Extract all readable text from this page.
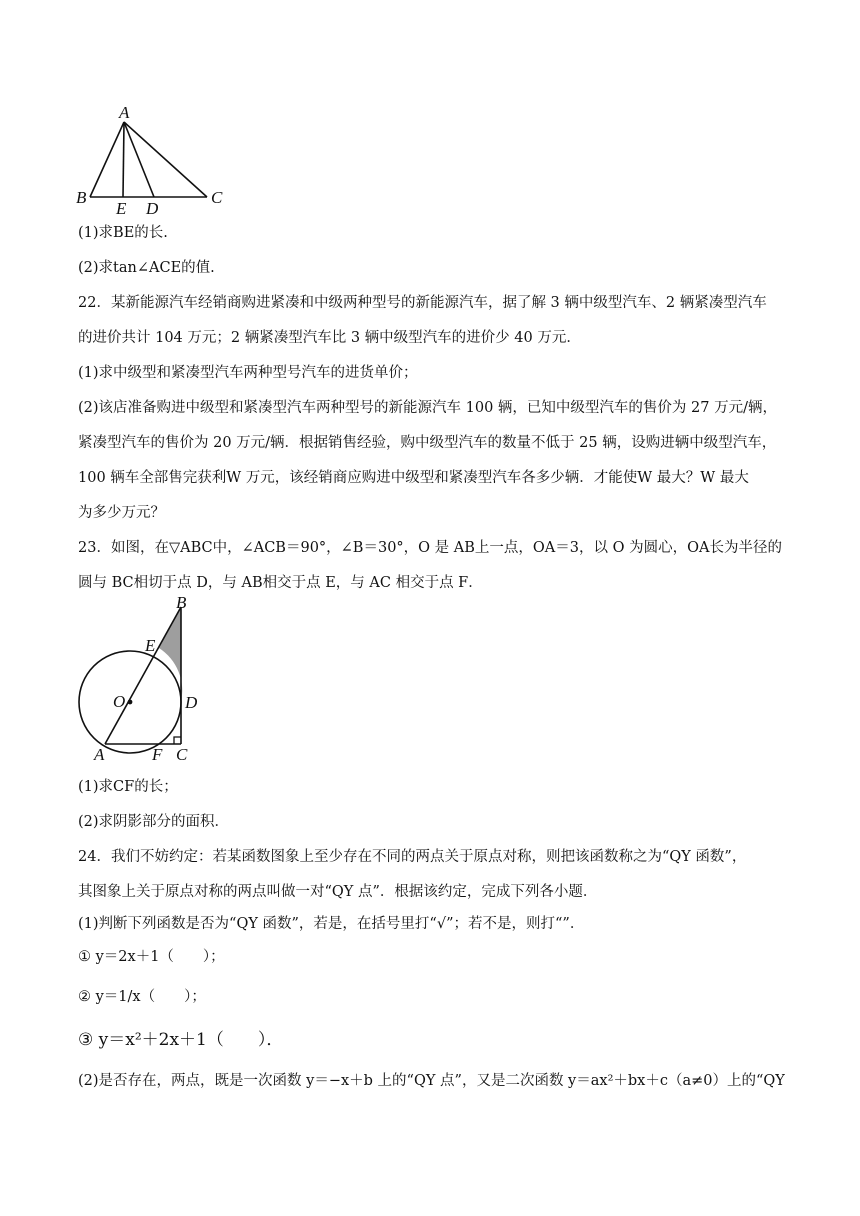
A
B
E D
C
(1)求BE的长.
(2)求tan∠ACE的值.
22．某新能源汽车经销商购进紧凑和中级两种型号的新能源汽车，据了解 3 辆中级型汽车、2 辆紧凑型汽车
的进价共计 104 万元；2 辆紧凑型汽车比 3 辆中级型汽车的进价少 40 万元．
(1)求中级型和紧凑型汽车两种型号汽车的进货单价；
(2)该店准备购进中级型和紧凑型汽车两种型号的新能源汽车 100 辆，已知中级型汽车的售价为 27 万元/辆，
紧凑型汽车的售价为 20 万元/辆．根据销售经验，购中级型汽车的数量不低于 25 辆，设购进辆中级型汽车，
100 辆车全部售完获利W 万元，该经销商应购进中级型和紧凑型汽车各多少辆．才能使W 最大？W 最大
为多少万元？
23．如图，在▽ABC中，∠ACB＝90°，∠B＝30°，O 是 AB上一点，OA＝3，以 O 为圆心，OA长为半径的
圆与 BC相切于点 D，与 AB相交于点 E，与 AC 相交于点 F．
B
E
O	D
A	F C
(1)求CF的长；
(2)求阴影部分的面积．
24．我们不妨约定：若某函数图象上至少存在不同的两点关于原点对称，则把该函数称之为“QY 函数”，
其图象上关于原点对称的两点叫做一对“QY 点”．根据该约定，完成下列各小题．
(1)判断下列函数是否为“QY 函数”，若是，在括号里打“√”；若不是，则打“”．
① y＝2x＋1（　　）；
② y＝1/x（　　）；
③ y＝x²＋2x＋1（　　）．
(2)是否存在，两点，既是一次函数 y＝−x＋b 上的“QY 点”，又是二次函数 y＝ax²＋bx＋c（a≠0）上的“QY
